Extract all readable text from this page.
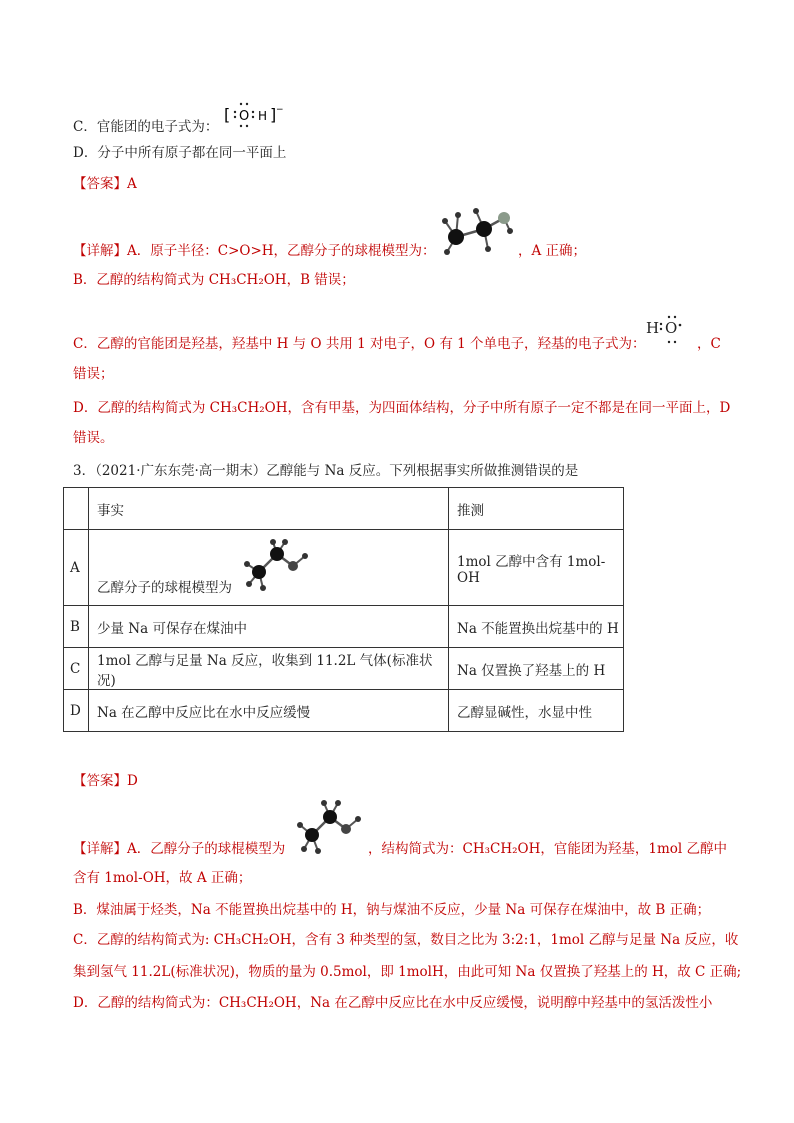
C．官能团的电子式为：
[ O H ] −
D．分子中所有原子都在同一平面上
【答案】A
【详解】A．原子半径：C>O>H，乙醇分子的球棍模型为：	，A 正确；
B．乙醇的结构简式为 CH₃CH₂OH，B 错误；
C．乙醇的官能团是羟基，羟基中 H 与 O 共用 1 对电子，O 有 1 个单电子，羟基的电子式为：
H O
，C
错误；
D．乙醇的结构简式为 CH₃CH₂OH，含有甲基，为四面体结构，分子中所有原子一定不都是在同一平面上，D
错误。
3．（2021·广东东莞·高一期末）乙醇能与 Na 反应。下列根据事实所做推测错误的是
	事实	推测
A	乙醇分子的球棍模型为	1mol 乙醇中含有 1mol-OH
B	少量 Na 可保存在煤油中	Na 不能置换出烷基中的 H
C	1mol 乙醇与足量 Na 反应，收集到 11.2L 气体(标准状况)	Na 仅置换了羟基上的 H
D	Na 在乙醇中反应比在水中反应缓慢	乙醇显碱性，水显中性
【答案】D
【详解】A．乙醇分子的球棍模型为	，结构简式为：CH₃CH₂OH，官能团为羟基，1mol 乙醇中
含有 1mol-OH，故 A 正确；
B．煤油属于烃类，Na 不能置换出烷基中的 H，钠与煤油不反应，少量 Na 可保存在煤油中，故 B 正确；
C．乙醇的结构简式为: CH₃CH₂OH，含有 3 种类型的氢，数目之比为 3:2:1，1mol 乙醇与足量 Na 反应，收
集到氢气 11.2L(标准状况)，物质的量为 0.5mol，即 1molH，由此可知 Na 仅置换了羟基上的 H，故 C 正确;
D．乙醇的结构简式为：CH₃CH₂OH，Na 在乙醇中反应比在水中反应缓慢，说明醇中羟基中的氢活泼性小
